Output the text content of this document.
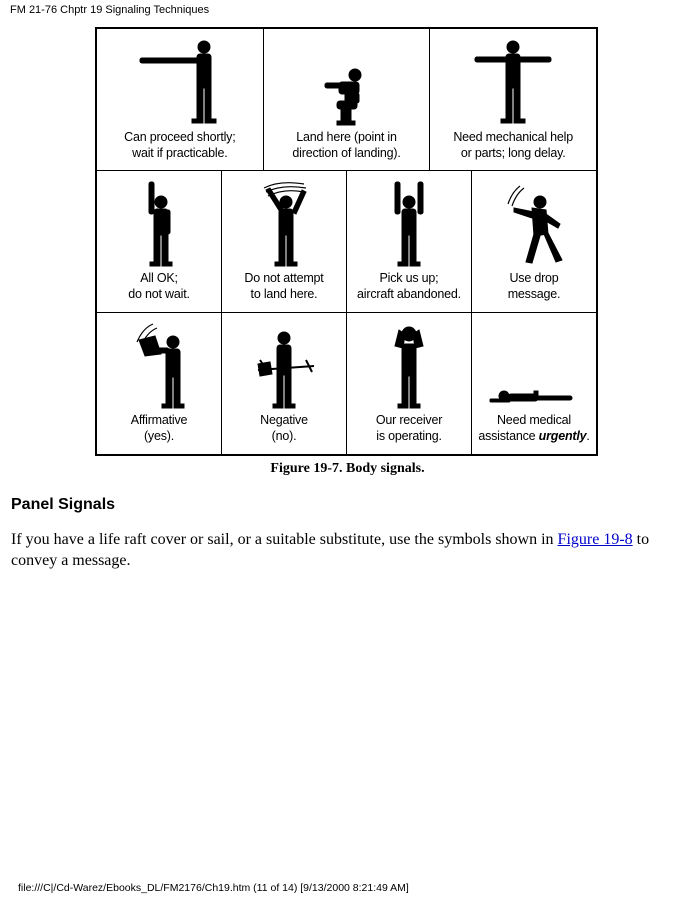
FM 21-76 Chptr 19 Signaling Techniques
Can proceed shortly;
wait if practicable.
Land here (point in
direction of landing).
Need mechanical help
or parts; long delay.
All OK;
do not wait.
Do not attempt
to land here.
Pick us up;
aircraft abandoned.
Use drop
message.
Affirmative
(yes).
Negative
(no).
Our receiver
is operating.
Need medical
assistance urgently.
Figure 19-7. Body signals.
Panel Signals
If you have a life raft cover or sail, or a suitable substitute, use the symbols shown in Figure 19-8 to convey a message.
file:///C|/Cd-Warez/Ebooks_DL/FM2176/Ch19.htm (11 of 14) [9/13/2000 8:21:49 AM]
